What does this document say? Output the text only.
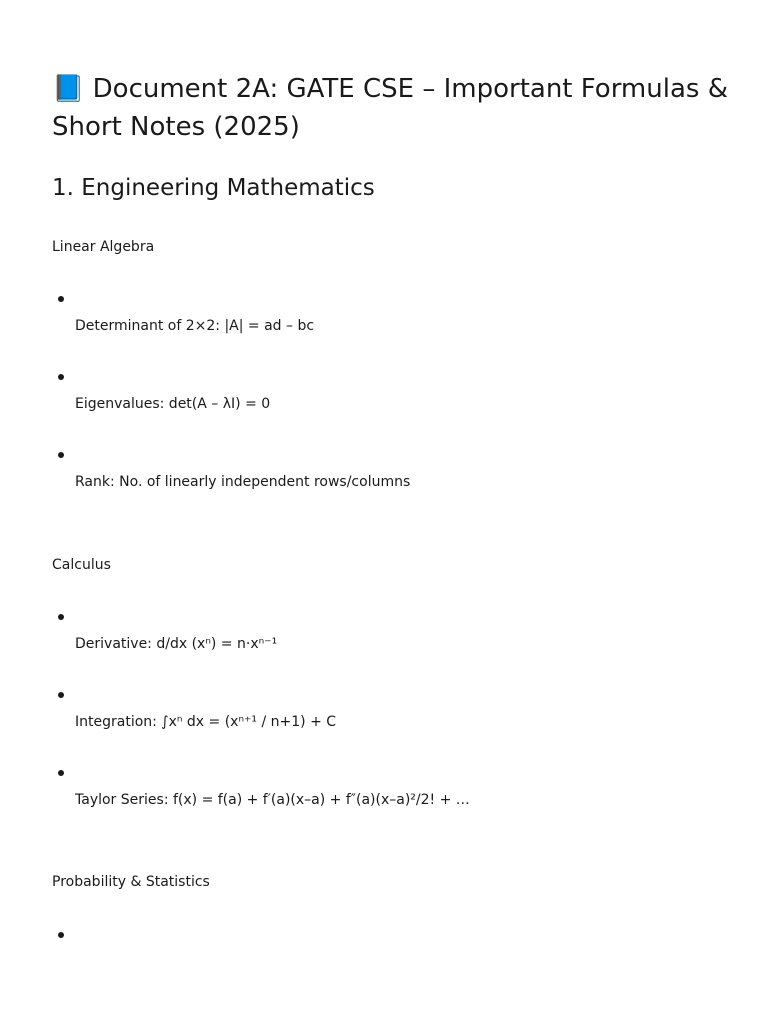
📘 Document 2A: GATE CSE – Important Formulas & Short Notes (2025)
1. Engineering Mathematics

Linear Algebra

Determinant of 2×2: |A| = ad – bc
Eigenvalues: det(A – λI) = 0
Rank: No. of linearly independent rows/columns

Calculus

Derivative: d/dx (xⁿ) = n·xⁿ⁻¹
Integration: ∫xⁿ dx = (xⁿ⁺¹ / n+1) + C
Taylor Series: f(x) = f(a) + f′(a)(x–a) + f″(a)(x–a)²/2! + …

Probability & Statistics
